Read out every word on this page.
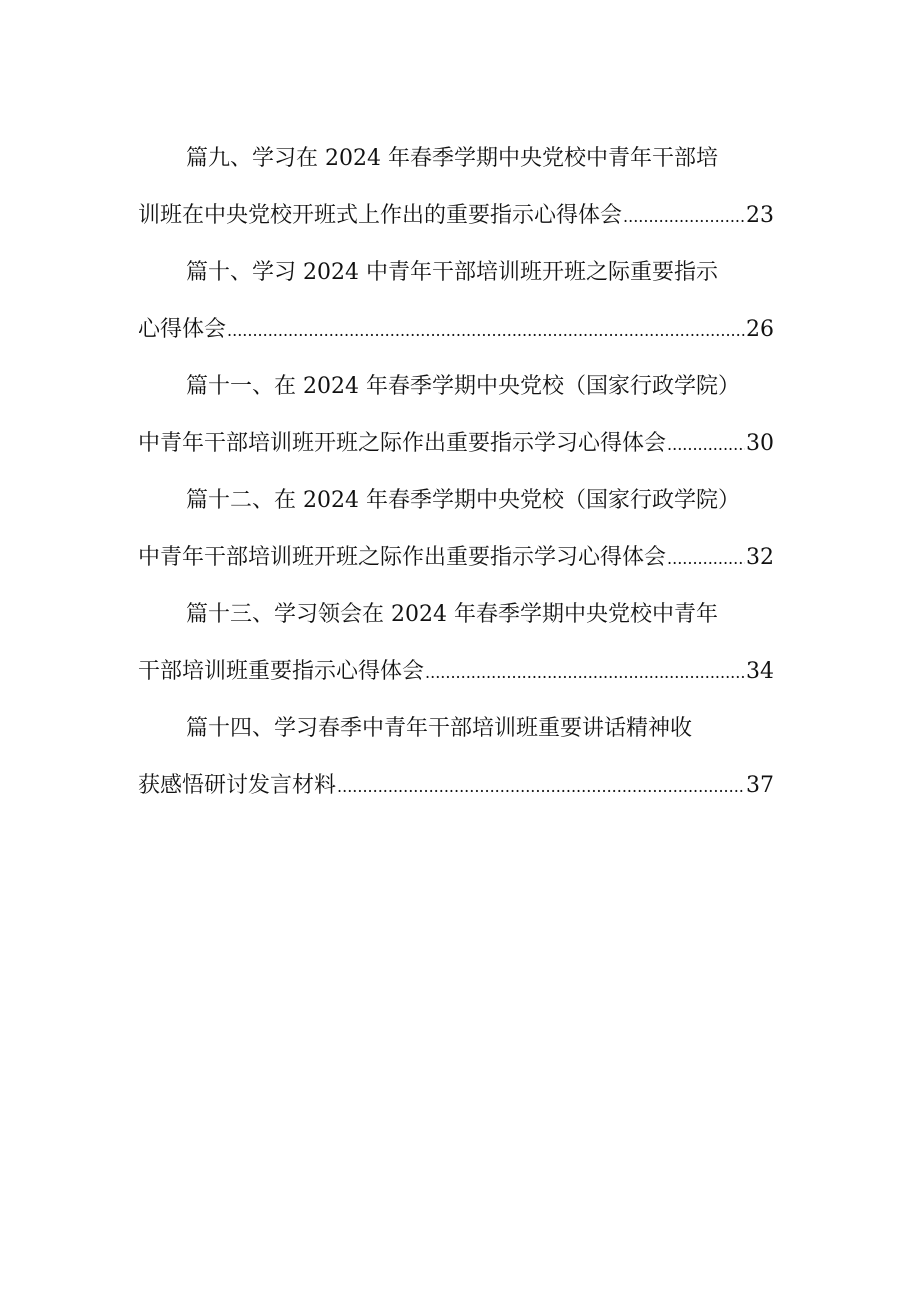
篇九、学习在 2024 年春季学期中央党校中青年干部培
训班在中央党校开班式上作出的重要指示心得体会 .....	23
篇十、学习 2024 中青年干部培训班开班之际重要指示
心得体会 .....	26
篇十一、在 2024 年春季学期中央党校（国家行政学院）
中青年干部培训班开班之际作出重要指示学习心得体会 .....	30
篇十二、在 2024 年春季学期中央党校（国家行政学院）
中青年干部培训班开班之际作出重要指示学习心得体会 .....	32
篇十三、学习领会在 2024 年春季学期中央党校中青年
干部培训班重要指示心得体会 .....	34
篇十四、学习春季中青年干部培训班重要讲话精神收
获感悟研讨发言材料 .....	37
